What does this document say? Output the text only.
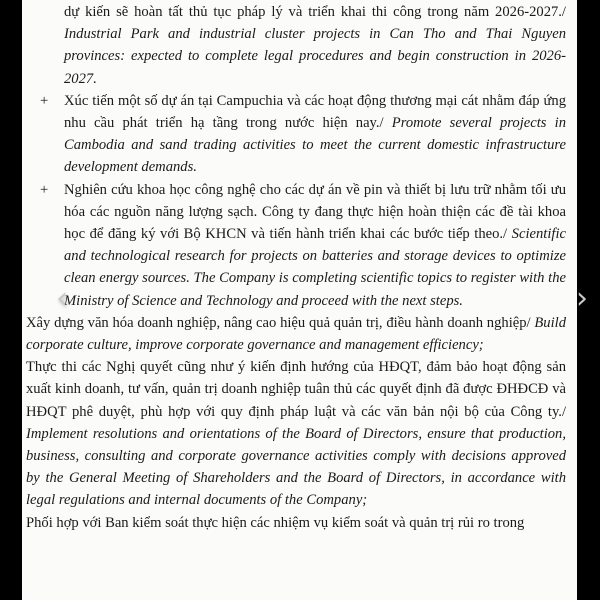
dự kiến sẽ hoàn tất thủ tục pháp lý và triển khai thi công trong năm 2026-2027./ Industrial Park and industrial cluster projects in Can Tho and Thai Nguyen provinces: expected to complete legal procedures and begin construction in 2026-2027.
+ Xúc tiến một số dự án tại Campuchia và các hoạt động thương mại cát nhằm đáp ứng nhu cầu phát triển hạ tầng trong nước hiện nay./ Promote several projects in Cambodia and sand trading activities to meet the current domestic infrastructure development demands.
+ Nghiên cứu khoa học công nghệ cho các dự án về pin và thiết bị lưu trữ nhằm tối ưu hóa các nguồn năng lượng sạch. Công ty đang thực hiện hoàn thiện các đề tài khoa học để đăng ký với Bộ KHCN và tiến hành triển khai các bước tiếp theo./ Scientific and technological research for projects on batteries and storage devices to optimize clean energy sources. The Company is completing scientific topics to register with the Ministry of Science and Technology and proceed with the next steps.
Xây dựng văn hóa doanh nghiệp, nâng cao hiệu quả quản trị, điều hành doanh nghiệp/ Build corporate culture, improve corporate governance and management efficiency;
Thực thi các Nghị quyết cũng như ý kiến định hướng của HĐQT, đảm bảo hoạt động sản xuất kinh doanh, tư vấn, quản trị doanh nghiệp tuân thủ các quyết định đã được ĐHĐCĐ và HĐQT phê duyệt, phù hợp với quy định pháp luật và các văn bản nội bộ của Công ty./ Implement resolutions and orientations of the Board of Directors, ensure that production, business, consulting and corporate governance activities comply with decisions approved by the General Meeting of Shareholders and the Board of Directors, in accordance with legal regulations and internal documents of the Company;
Phối hợp với Ban kiểm soát thực hiện các nhiệm vụ kiểm soát và quản trị rủi ro trong
‹	›
